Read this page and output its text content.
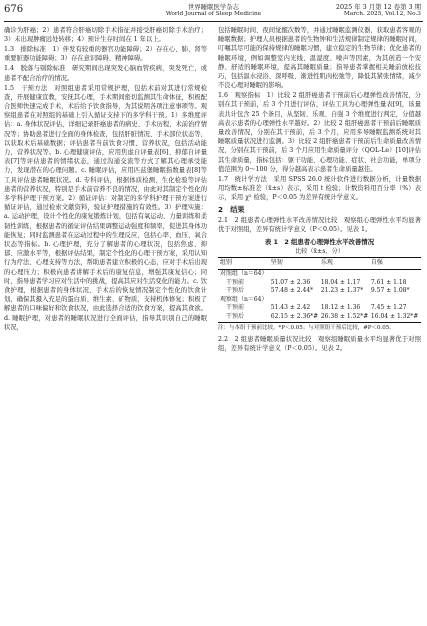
676	世界睡眠医学杂志
World Journal of Sleep Medicine
2025 年 3 月第 12 卷第 3 期
March. 2025, Vol.12, No.3

确诊为肝癌；2）患者符合肝癌切除手术指征并接受肝癌切除手术治疗；3）未出现肿瘤远处转移；4）预计生存时间在 1 年以上。

1.3　排除标准　1）伴发有较重的器官功能障碍；2）存在心、肺、肾等重要脏器功能障碍；3）存在意识障碍、精神障碍。

1.4　脱落与剔除标准　研究期间出现突发心脑血管疾病，突发死亡，或患者不配合治疗的情况。

1.5　干预方法　对照组患者采用常规护理，包括术前对其进行常规检查，开展健康宣教，安抚其心理，手术期间密切监测其生命体征，积极配合医师快速完成手术，术后给予饮食指导，为其说明各项注意事项等。观察组患者在对照组的基础上引入循证支持下的多学科干预。1）多维度评估：a. 身体状况评估，详细记录肝癌患者的病史、手术历程、术前治疗情况等；协助患者进行全面的身体检查，包括肝脏情况、手术部位状态等，以获取术后基础数据；评估患者当前饮食习惯、营养状况，包括活动能力，营养状况等。b. 心理健康评估，应用焦虑自评量表[6]、抑郁自评量表[7]等评估患者的情绪状态，通过沟通交流等方式了解其心理承受能力，发现潜在的心理问题。c. 睡眠评估，应用匹兹堡睡眠指数量表[8]等工具评估患者睡眠状况。d. 专科评估，根据体质检测、生化检验等评估患者的营养状况，特别是手术前营养不良的情况，由此对其制定个性化的多学科护理干预方案。2）循证评估：对制定的多学科护理干预方案进行循证评估，通过检索文献资料，验证护理措施的有效性。3）护理实施：a. 运动护理，设计个性化的康复锻炼计划，包括有氧运动、力量训练和柔韧性训练，根据患者的循证评估结果调整运动强度和频率，促进其身体功能恢复；同时监测患者在运动过程中的生理反应，包括心率、血压、氧合状态等指标。b. 心理护理，充分了解患者的心理状况，包括焦虑、抑郁、应激水平等，根据评估结果，制定个性化的心理干预方案，采用认知行为疗法、心理支持等方法，帮助患者建立积极的心态，应对手术后出现的心理压力；积极向患者讲解手术后的康复信息，增强其康复信心；同时，指导患者学习应对生活中的挑战，提高其应对生活变化的能力。c. 饮食护理，根据患者的身体状况、手术后的恢复情况制定个性化的饮食计划，确保其摄入充足的蛋白质、维生素、矿物质，支持机体修复；积极了解患者的口味偏好和饮食状况，由此选择合适的饮食方案，提高其食欲。d. 睡眠护理，对患者的睡眠状况进行全面评估，指导其识别自己的睡眠状况，

包括睡眠时间、夜间觉醒次数等，并通过睡眠监测仪器，获取患者客观的睡眠数据；护理人员根据患者的生物钟和生活规律制定规律的睡眠时间，叮嘱其尽可能的保持规律的睡眠习惯，建立稳定的生物节律；优化患者的睡眠环境，例如调整室内光线、温湿度、噪声等因素，为其创造一个安静、舒适的睡眠环境，提高其睡眠质量；指导患者掌握相关睡前放松技巧，包括温水浸浴、深呼吸、渐进性肌肉松弛等，降低其紧张情绪，减少不良心理对睡眠的影响。

1.6　观察指标　1）比较 2 组肝癌患者干预前后心理弹性改善情况，分别在其干预前，后 3 个月进行评估，评估工具为心理弹性量表[9]，该量表共计包含 25 个条目，从坚韧、乐观、自强 3 个维度进行判定，分值越高表示患者的心理弹性水平越好。2）比较 2 组肝癌患者干预前后睡眠质量改善情况，分别在其干预前，后 3 个月，应用多导睡眠监测系统对其睡眠质量状况进行监测。3）比较 2 组肝癌患者干预前后生命质量改善情况，分别在其干预前，后 3 个月应用生命质量评分（QOL-Le）[10]评估其生命质量，指标包括：躯干功能、心理功能、症状、社会功能，单项分值范围为 0～100 分，得分越高表示患者生命质量越佳。

1.7　统计学方法　采用 SPSS 26.0 统计软件进行数据分析，计量数据用均数±标准差（x̄±s）表示，采用 t 检验；计数资料用百分率（%）表示，采用 χ² 检验，P＜0.05 为差异有统计学意义。

2　结果

2.1　2 组患者心理弹性水平改善情况比较　观察组心理弹性水平均显著优于对照组，差异有统计学意义（P＜0.05）。见表 1。

表 1　2 组患者心理弹性水平改善情况
比较（x̄±s，分）
组别	坚韧	乐观	自强
对照组（n＝64）			
干预前	51.07 ± 2.36	18.04 ± 1.17	7.61 ± 1.18
干预后	57.48 ± 2.44*	21.23 ± 1.37*	9.57 ± 1.08*
观察组（n＝64）			
干预前	51.43 ± 2.42	18.12 ± 1.36	7.45 ± 1.27
干预后	62.15 ± 2.36*#	26.38 ± 1.52*#	16.04 ± 1.32*#
注：与本组干预前比较，*P＜0.05；与对照组干预后比较，#P＜0.05。

2.2　2 组患者睡眠质量状况比较　观察组睡眠质量水平均显著优于对照组，差异有统计学意义（P＜0.05）。见表 2。
